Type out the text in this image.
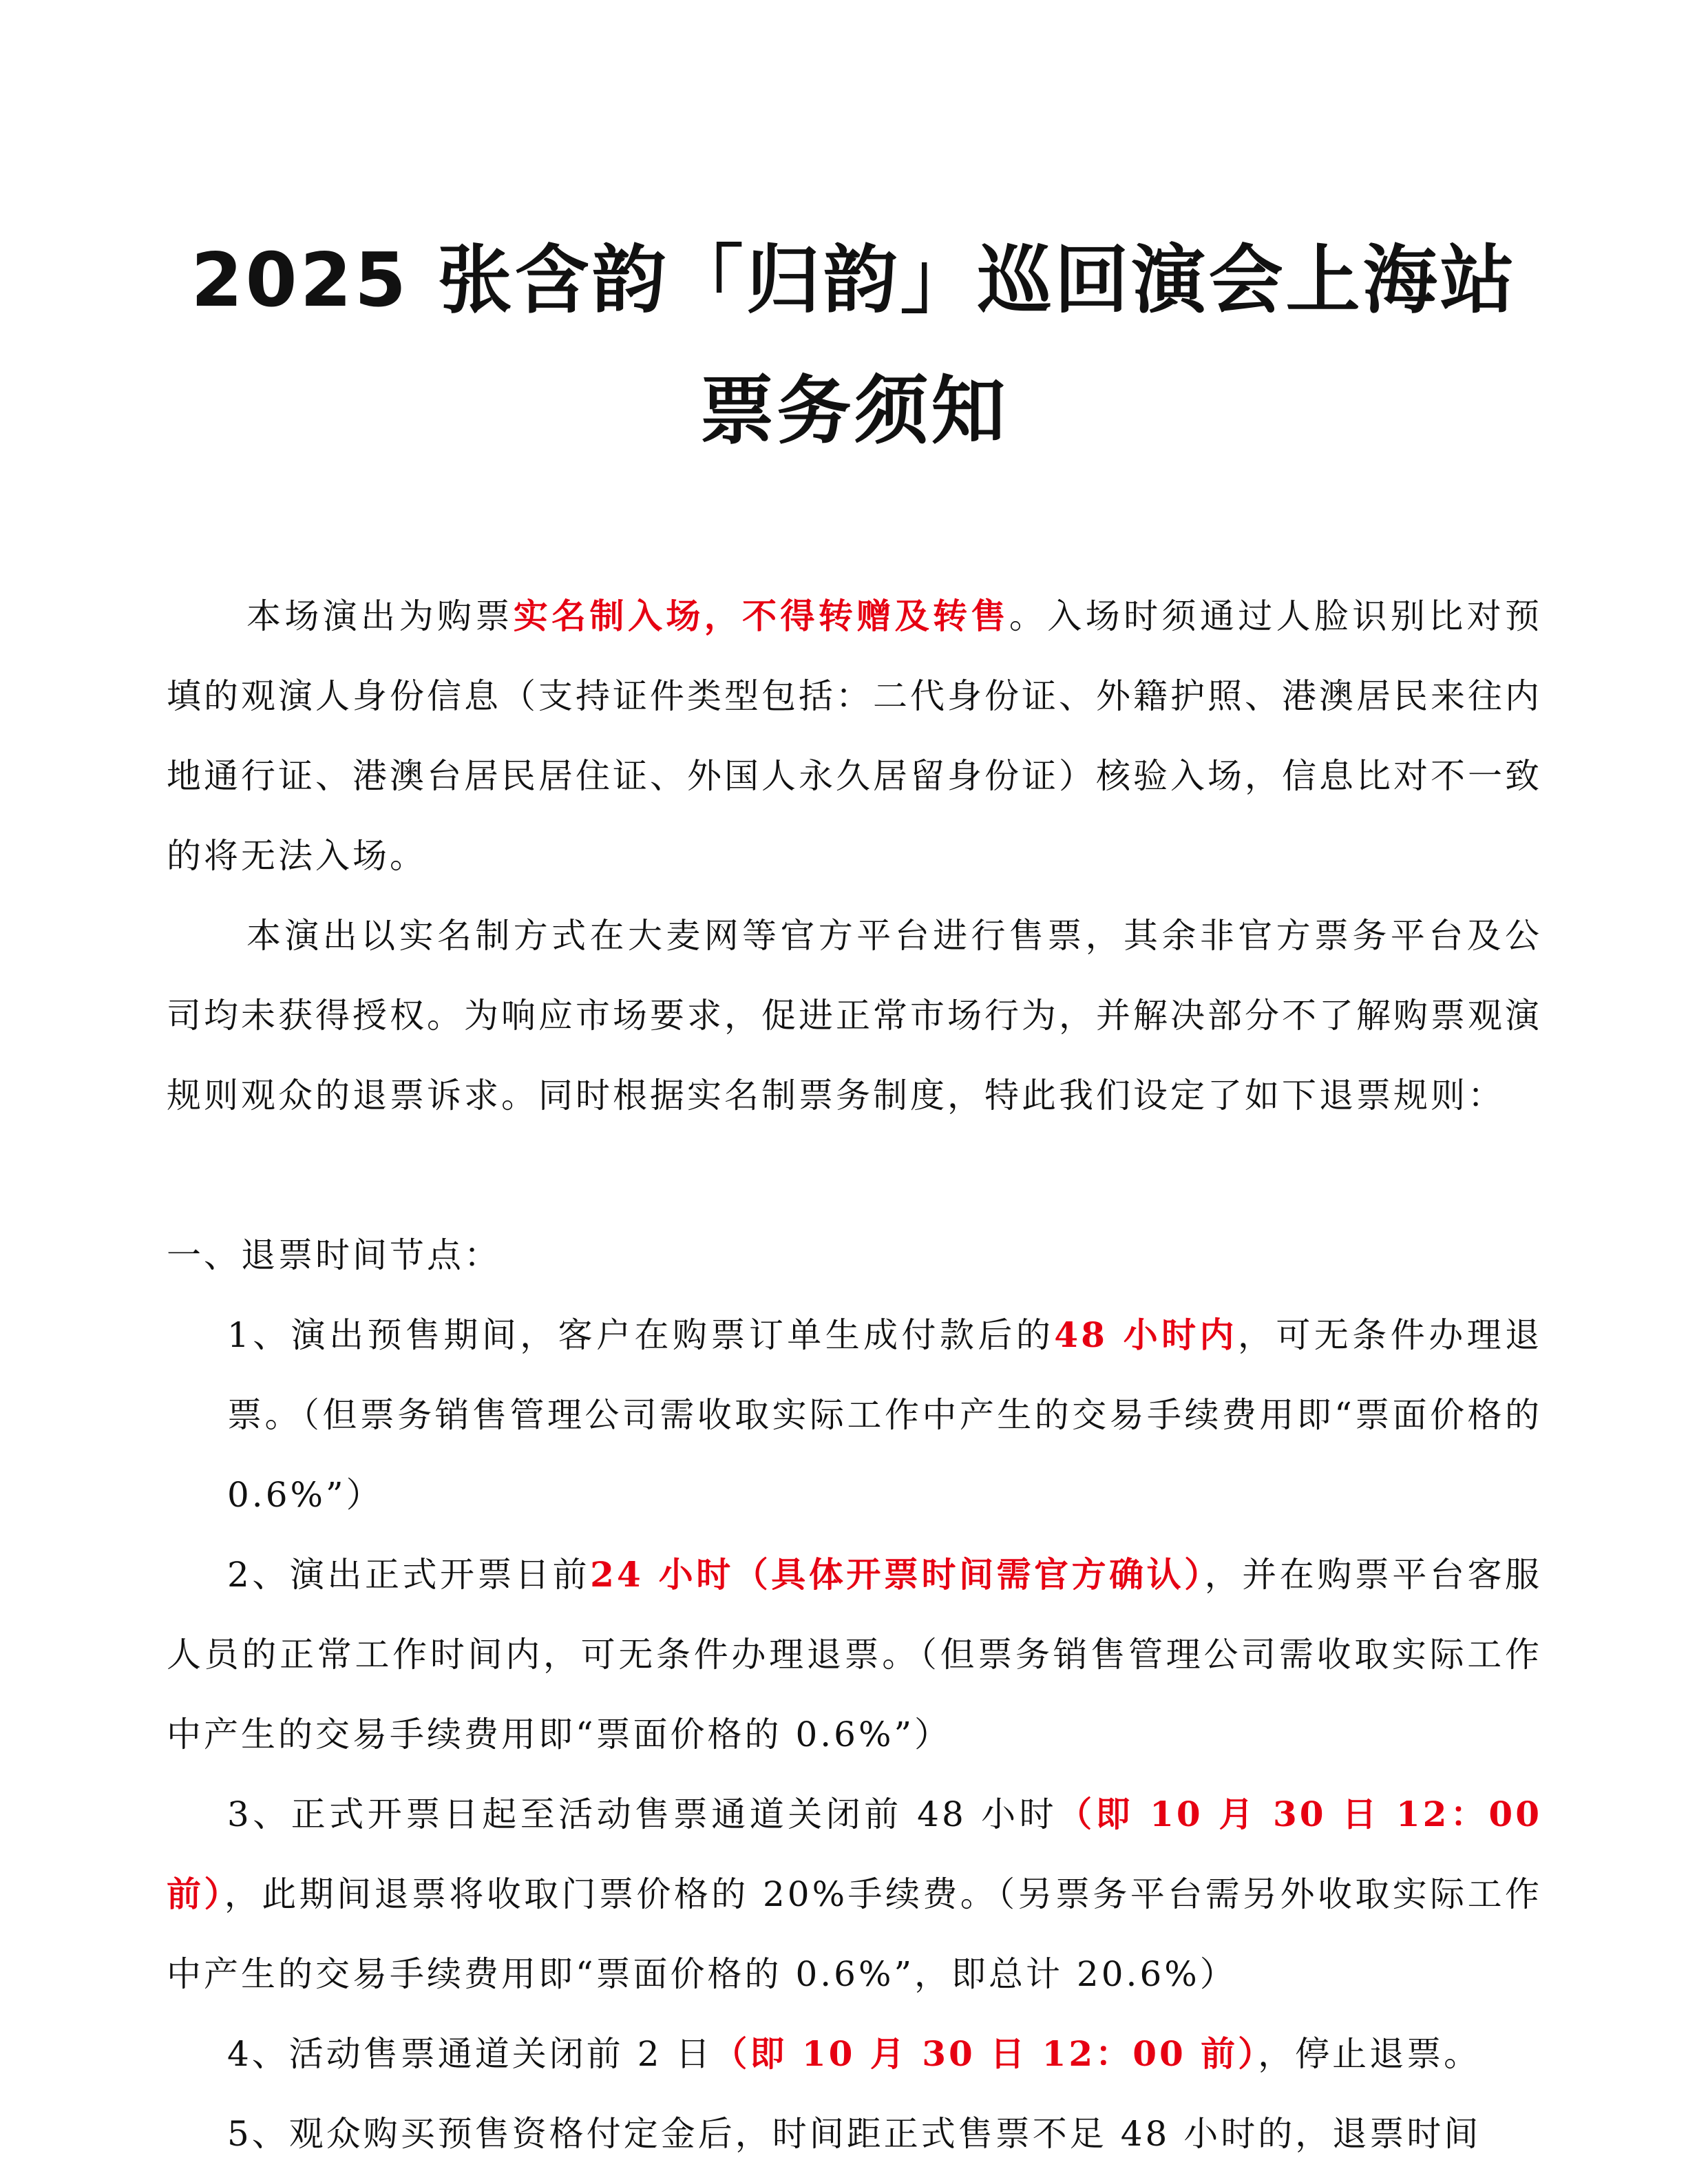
2025 张含韵「归韵」巡回演会上海站
票务须知

本场演出为购票实名制入场，不得转赠及转售。入场时须通过人脸识别比对预填的观演人身份信息（支持证件类型包括：二代身份证、外籍护照、港澳居民来往内地通行证、港澳台居民居住证、外国人永久居留身份证）核验入场，信息比对不一致的将无法入场。

本演出以实名制方式在大麦网等官方平台进行售票，其余非官方票务平台及公司均未获得授权。为响应市场要求，促进正常市场行为，并解决部分不了解购票观演规则观众的退票诉求。同时根据实名制票务制度，特此我们设定了如下退票规则：

一、退票时间节点：

1、演出预售期间，客户在购票订单生成付款后的48 小时内，可无条件办理退票。（但票务销售管理公司需收取实际工作中产生的交易手续费用即“票面价格的 0.6%”）

2、演出正式开票日前24 小时（具体开票时间需官方确认），并在购票平台客服人员的正常工作时间内，可无条件办理退票。（但票务销售管理公司需收取实际工作中产生的交易手续费用即“票面价格的 0.6%”）

3、正式开票日起至活动售票通道关闭前 48 小时（即 10 月 30 日 12：00 前），此期间退票将收取门票价格的 20%手续费。（另票务平台需另外收取实际工作中产生的交易手续费用即“票面价格的 0.6%”，即总计 20.6%）

4、活动售票通道关闭前 2 日（即 10 月 30 日 12：00 前），停止退票。

5、观众购买预售资格付定金后，时间距正式售票不足 48 小时的，退票时间
